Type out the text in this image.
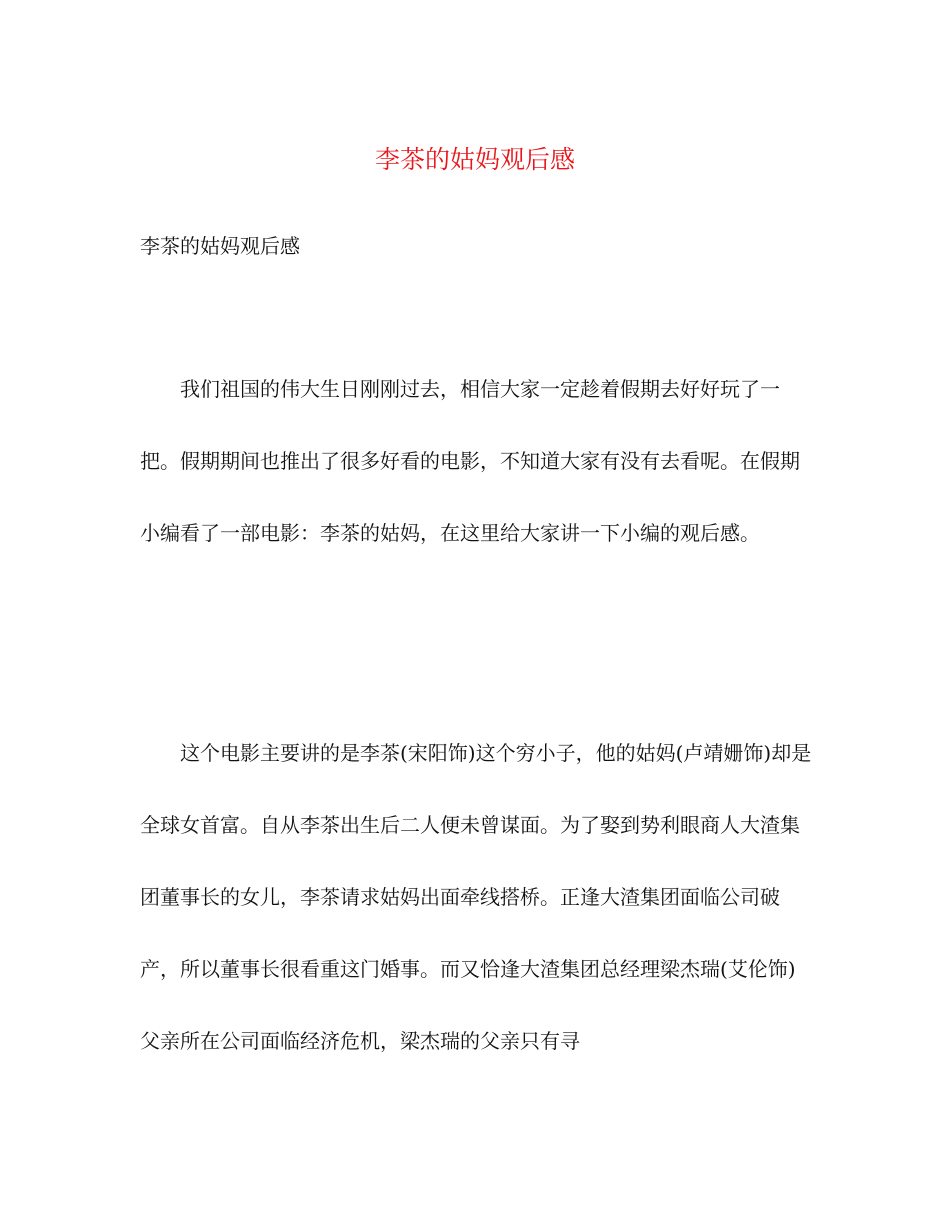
李茶的姑妈观后感

李茶的姑妈观后感

我们祖国的伟大生日刚刚过去，相信大家一定趁着假期去好好玩了一把。假期期间也推出了很多好看的电影，不知道大家有没有去看呢。在假期小编看了一部电影：李茶的姑妈，在这里给大家讲一下小编的观后感。

这个电影主要讲的是李茶(宋阳饰)这个穷小子，他的姑妈(卢靖姗饰)却是全球女首富。自从李茶出生后二人便未曾谋面。为了娶到势利眼商人大渣集团董事长的女儿，李茶请求姑妈出面牵线搭桥。正逢大渣集团面临公司破产，所以董事长很看重这门婚事。而又恰逢大渣集团总经理梁杰瑞(艾伦饰)父亲所在公司面临经济危机，梁杰瑞的父亲只有寻
